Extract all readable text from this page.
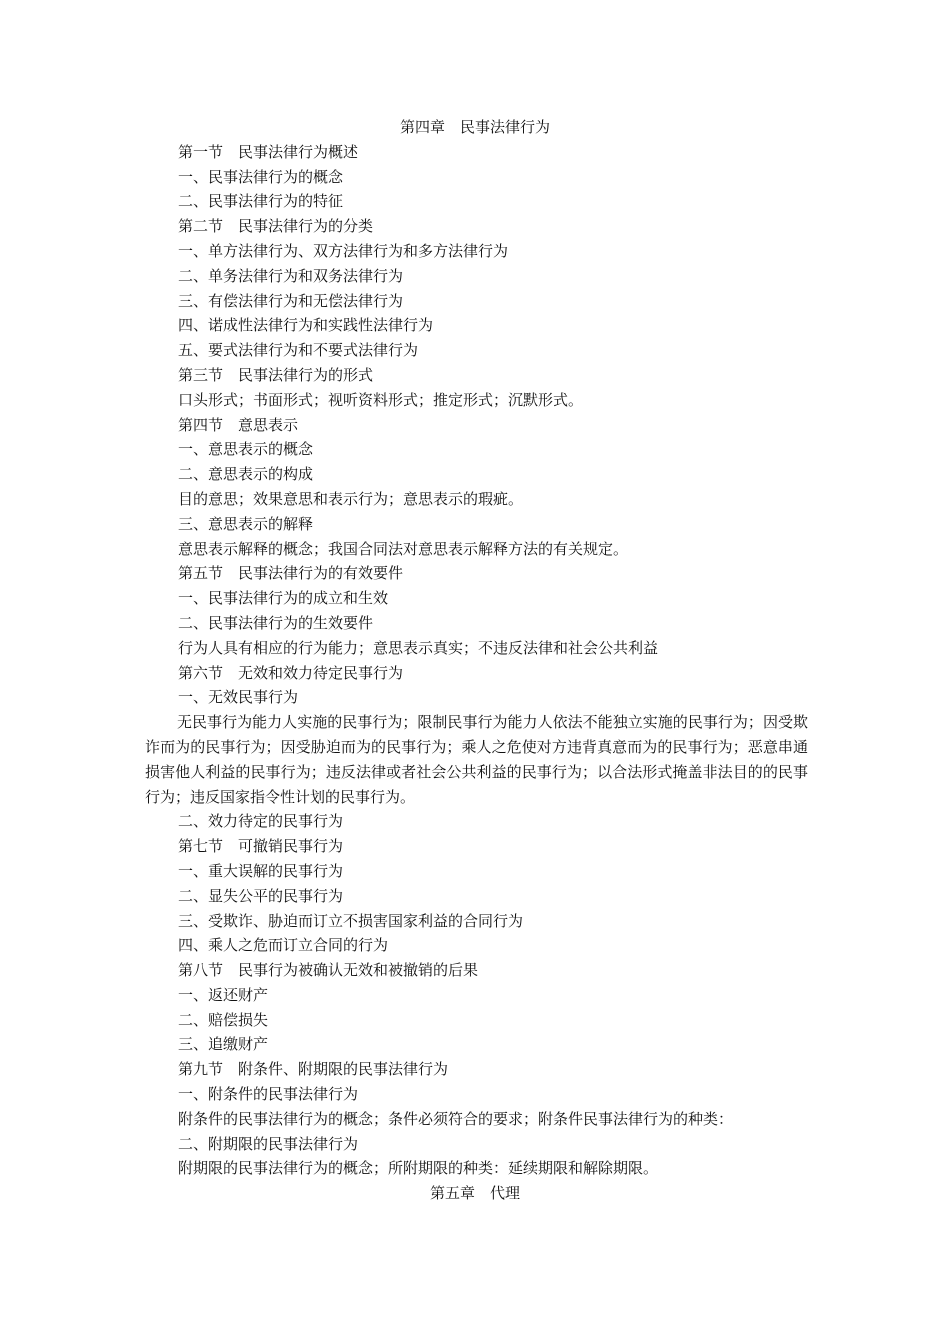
第四章　民事法律行为
第一节　民事法律行为概述
一、民事法律行为的概念
二、民事法律行为的特征
第二节　民事法律行为的分类
一、单方法律行为、双方法律行为和多方法律行为
二、单务法律行为和双务法律行为
三、有偿法律行为和无偿法律行为
四、诺成性法律行为和实践性法律行为
五、要式法律行为和不要式法律行为
第三节　民事法律行为的形式
口头形式；书面形式；视听资料形式；推定形式；沉默形式。
第四节　意思表示
一、意思表示的概念
二、意思表示的构成
目的意思；效果意思和表示行为；意思表示的瑕疵。
三、意思表示的解释
意思表示解释的概念；我国合同法对意思表示解释方法的有关规定。
第五节　民事法律行为的有效要件
一、民事法律行为的成立和生效
二、民事法律行为的生效要件
行为人具有相应的行为能力；意思表示真实；不违反法律和社会公共利益
第六节　无效和效力待定民事行为
一、无效民事行为
无民事行为能力人实施的民事行为；限制民事行为能力人依法不能独立实施的民事行为；因受欺诈而为的民事行为；因受胁迫而为的民事行为；乘人之危使对方违背真意而为的民事行为；恶意串通损害他人利益的民事行为；违反法律或者社会公共利益的民事行为；以合法形式掩盖非法目的的民事行为；违反国家指令性计划的民事行为。
二、效力待定的民事行为
第七节　可撤销民事行为
一、重大误解的民事行为
二、显失公平的民事行为
三、受欺诈、胁迫而订立不损害国家利益的合同行为
四、乘人之危而订立合同的行为
第八节　民事行为被确认无效和被撤销的后果
一、返还财产
二、赔偿损失
三、追缴财产
第九节　附条件、附期限的民事法律行为
一、附条件的民事法律行为
附条件的民事法律行为的概念；条件必须符合的要求；附条件民事法律行为的种类：
二、附期限的民事法律行为
附期限的民事法律行为的概念；所附期限的种类：延续期限和解除期限。
第五章　代理
